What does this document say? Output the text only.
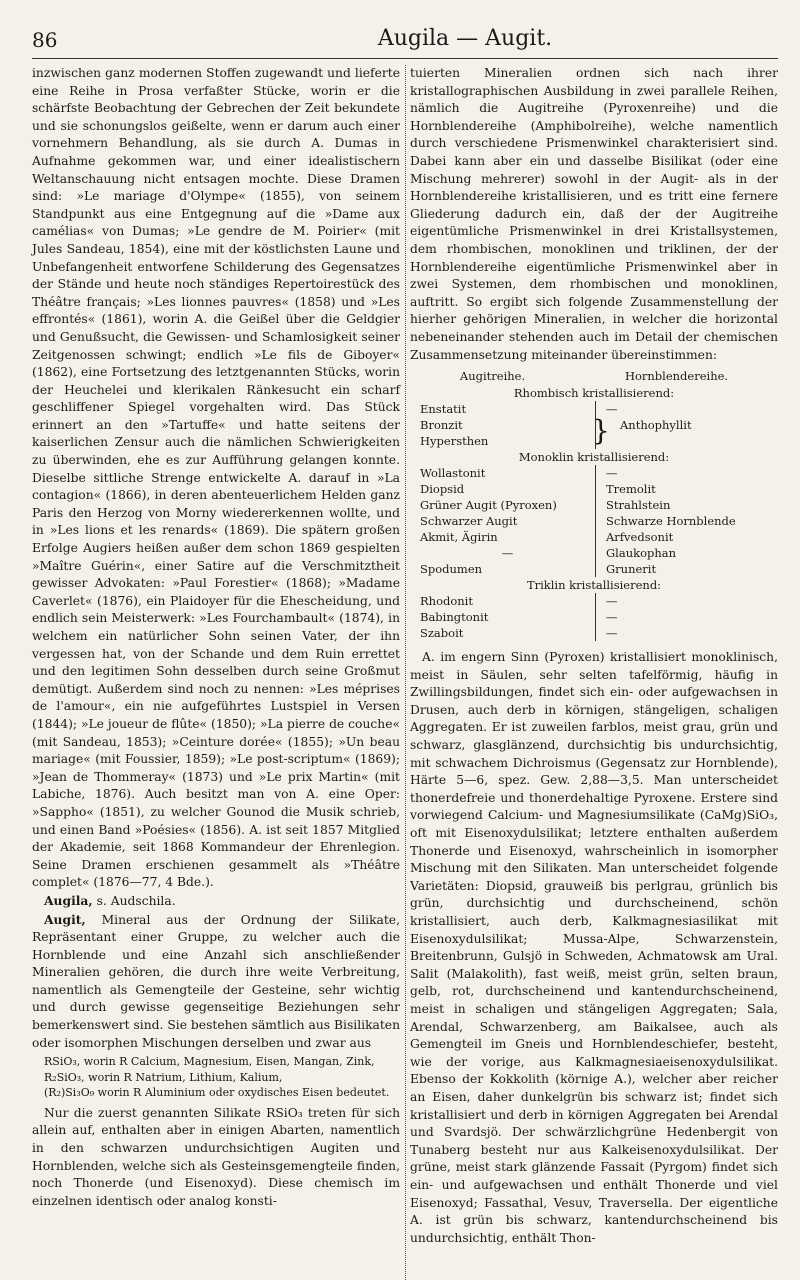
86	Augila — Augit.

inzwischen ganz modernen Stoffen zugewandt und lieferte eine Reihe in Prosa verfaßter Stücke, worin er die schärfste Beobachtung der Gebrechen der Zeit bekundete und sie schonungslos geißelte, wenn er darum auch einer vornehmern Behandlung, als sie durch A. Dumas in Aufnahme gekommen war, und einer idealistischern Weltanschauung nicht entsagen mochte. Diese Dramen sind: »Le mariage d'Olympe« (1855), von seinem Standpunkt aus eine Entgegnung auf die »Dame aux camélias« von Dumas; »Le gendre de M. Poirier« (mit Jules Sandeau, 1854), eine mit der köstlichsten Laune und Unbefangenheit entworfene Schilderung des Gegensatzes der Stände und heute noch ständiges Repertoirestück des Théâtre français; »Les lionnes pauvres« (1858) und »Les effrontés« (1861), worin A. die Geißel über die Geldgier und Genußsucht, die Gewissen- und Schamlosigkeit seiner Zeitgenossen schwingt; endlich »Le fils de Giboyer« (1862), eine Fortsetzung des letztgenannten Stücks, worin der Heuchelei und klerikalen Ränkesucht ein scharf geschliffener Spiegel vorgehalten wird. Das Stück erinnert an den »Tartuffe« und hatte seitens der kaiserlichen Zensur auch die nämlichen Schwierigkeiten zu überwinden, ehe es zur Aufführung gelangen konnte. Dieselbe sittliche Strenge entwickelte A. darauf in »La contagion« (1866), in deren abenteuerlichem Helden ganz Paris den Herzog von Morny wiedererkennen wollte, und in »Les lions et les renards« (1869). Die spätern großen Erfolge Augiers heißen außer dem schon 1869 gespielten »Maître Guérin«, einer Satire auf die Verschmitztheit gewisser Advokaten: »Paul Forestier« (1868); »Madame Caverlet« (1876), ein Plaidoyer für die Ehescheidung, und endlich sein Meisterwerk: »Les Fourchambault« (1874), in welchem ein natürlicher Sohn seinen Vater, der ihn vergessen hat, von der Schande und dem Ruin errettet und den legitimen Sohn desselben durch seine Großmut demütigt. Außerdem sind noch zu nennen: »Les méprises de l'amour«, ein nie aufgeführtes Lustspiel in Versen (1844); »Le joueur de flûte« (1850); »La pierre de couche« (mit Sandeau, 1853); »Ceinture dorée« (1855); »Un beau mariage« (mit Foussier, 1859); »Le post-scriptum« (1869); »Jean de Thommeray« (1873) und »Le prix Martin« (mit Labiche, 1876). Auch besitzt man von A. eine Oper: »Sappho« (1851), zu welcher Gounod die Musik schrieb, und einen Band »Poésies« (1856). A. ist seit 1857 Mitglied der Akademie, seit 1868 Kommandeur der Ehrenlegion. Seine Dramen erschienen gesammelt als »Théâtre complet« (1876—77, 4 Bde.).

Augila, s. Audschila.

Augit, Mineral aus der Ordnung der Silikate, Repräsentant einer Gruppe, zu welcher auch die Hornblende und eine Anzahl sich anschließender Mineralien gehören, die durch ihre weite Verbreitung, namentlich als Gemengteile der Gesteine, sehr wichtig und durch gewisse gegenseitige Beziehungen sehr bemerkenswert sind. Sie bestehen sämtlich aus Bisilikaten oder isomorphen Mischungen derselben und zwar aus

RSiO₃, worin R Calcium, Magnesium, Eisen, Mangan, Zink,
R₂SiO₃, worin R Natrium, Lithium, Kalium,
(R₂)Si₃O₉ worin R Aluminium oder oxydisches Eisen bedeutet.

Nur die zuerst genannten Silikate RSiO₃ treten für sich allein auf, enthalten aber in einigen Abarten, namentlich in den schwarzen undurchsichtigen Augiten und Hornblenden, welche sich als Gesteinsgemengteile finden, noch Thonerde (und Eisenoxyd). Diese chemisch im einzelnen identisch oder analog konsti-

tuierten Mineralien ordnen sich nach ihrer kristallographischen Ausbildung in zwei parallele Reihen, nämlich die Augitreihe (Pyroxenreihe) und die Hornblendereihe (Amphibolreihe), welche namentlich durch verschiedene Prismenwinkel charakterisiert sind. Dabei kann aber ein und dasselbe Bisilikat (oder eine Mischung mehrerer) sowohl in der Augit- als in der Hornblendereihe kristallisieren, und es tritt eine fernere Gliederung dadurch ein, daß der der Augitreihe eigentümliche Prismenwinkel in drei Kristallsystemen, dem rhombischen, monoklinen und triklinen, der der Hornblendereihe eigentümliche Prismenwinkel aber in zwei Systemen, dem rhombischen und monoklinen, auftritt. So ergibt sich folgende Zusammenstellung der hierher gehörigen Mineralien, in welcher die horizontal nebeneinander stehenden auch im Detail der chemischen Zusammensetzung miteinander übereinstimmen:

Augitreihe.	Hornblendereihe.
Rhombisch kristallisierend:
Enstatit	—
Bronzit	Anthophyllit
Hypersthen	}
Monoklin kristallisierend:
Wollastonit	—
Diopsid	Tremolit
Grüner Augit (Pyroxen)	Strahlstein
Schwarzer Augit	Schwarze Hornblende
Akmit, Ägirin	Arfvedsonit
—	Glaukophan
Spodumen	Grunerit
Triklin kristallisierend:
Rhodonit	—
Babingtonit	—
Szaboit	—

A. im engern Sinn (Pyroxen) kristallisiert monoklinisch, meist in Säulen, sehr selten tafelförmig, häufig in Zwillingsbildungen, findet sich ein- oder aufgewachsen in Drusen, auch derb in körnigen, stängeligen, schaligen Aggregaten. Er ist zuweilen farblos, meist grau, grün und schwarz, glasglänzend, durchsichtig bis undurchsichtig, mit schwachem Dichroismus (Gegensatz zur Hornblende), Härte 5—6, spez. Gew. 2,88—3,5. Man unterscheidet thonerdefreie und thonerdehaltige Pyroxene. Erstere sind vorwiegend Calcium- und Magnesiumsilikate (CaMg)SiO₃, oft mit Eisenoxydulsilikat; letztere enthalten außerdem Thonerde und Eisenoxyd, wahrscheinlich in isomorpher Mischung mit den Silikaten. Man unterscheidet folgende Varietäten: Diopsid, grauweiß bis perlgrau, grünlich bis grün, durchsichtig und durchscheinend, schön kristallisiert, auch derb, Kalkmagnesiasilikat mit Eisenoxydulsilikat; Mussa-Alpe, Schwarzenstein, Breitenbrunn, Gulsjö in Schweden, Achmatowsk am Ural. Salit (Malakolith), fast weiß, meist grün, selten braun, gelb, rot, durchscheinend und kantendurchscheinend, meist in schaligen und stängeligen Aggregaten; Sala, Arendal, Schwarzenberg, am Baikalsee, auch als Gemengteil im Gneis und Hornblendeschiefer, besteht, wie der vorige, aus Kalkmagnesiaeisenoxydulsilikat. Ebenso der Kokkolith (körnige A.), welcher aber reicher an Eisen, daher dunkelgrün bis schwarz ist; findet sich kristallisiert und derb in körnigen Aggregaten bei Arendal und Svardsjö. Der schwärzlichgrüne Hedenbergit von Tunaberg besteht nur aus Kalkeisenoxydulsilikat. Der grüne, meist stark glänzende Fassait (Pyrgom) findet sich ein- und aufgewachsen und enthält Thonerde und viel Eisenoxyd; Fassathal, Vesuv, Traversella. Der eigentliche A. ist grün bis schwarz, kantendurchscheinend bis undurchsichtig, enthält Thon-
